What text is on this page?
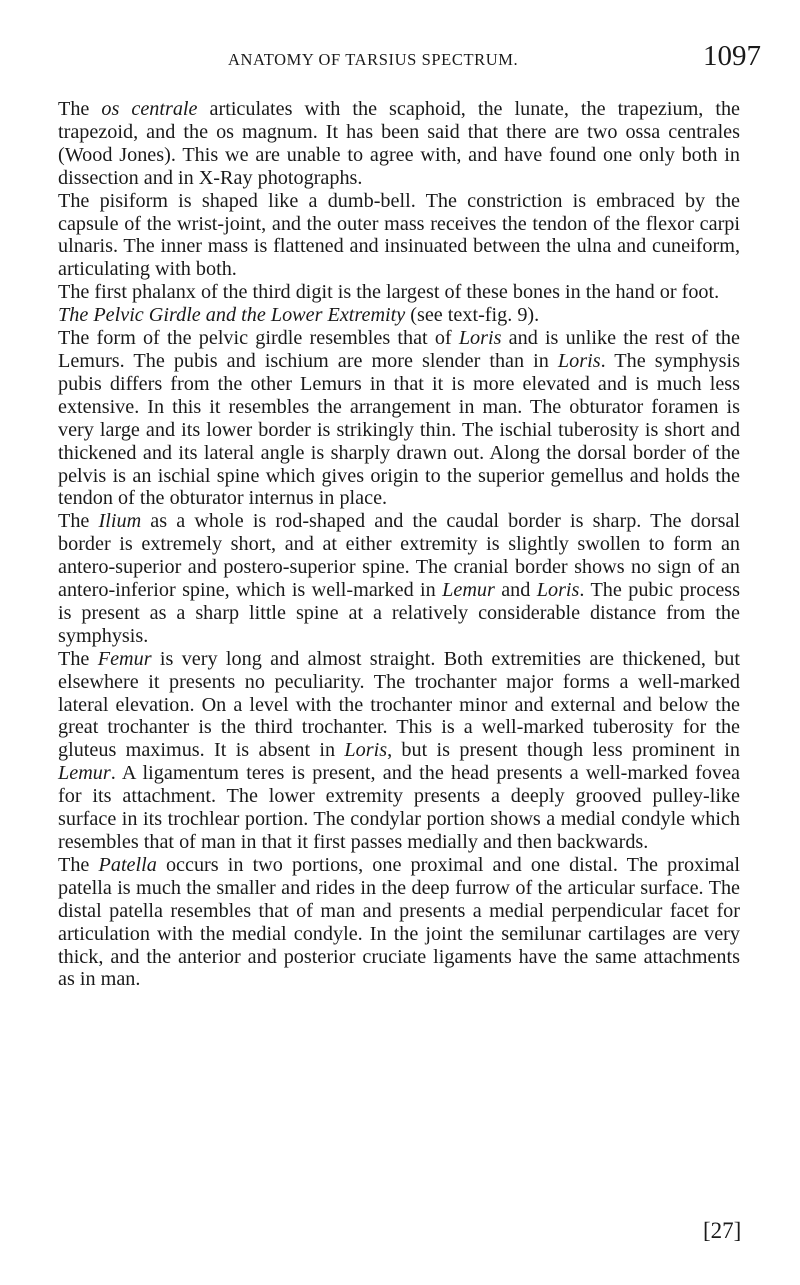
ANATOMY OF TARSIUS SPECTRUM.	1097

The os centrale articulates with the scaphoid, the lunate, the trapezium, the trapezoid, and the os magnum. It has been said that there are two ossa centrales (Wood Jones). This we are unable to agree with, and have found one only both in dissection and in X-Ray photographs.

The pisiform is shaped like a dumb-bell. The constriction is embraced by the capsule of the wrist-joint, and the outer mass receives the tendon of the flexor carpi ulnaris. The inner mass is flattened and insinuated between the ulna and cuneiform, articulating with both.

The first phalanx of the third digit is the largest of these bones in the hand or foot.

The Pelvic Girdle and the Lower Extremity (see text-fig. 9).

The form of the pelvic girdle resembles that of Loris and is unlike the rest of the Lemurs. The pubis and ischium are more slender than in Loris. The symphysis pubis differs from the other Lemurs in that it is more elevated and is much less extensive. In this it resembles the arrangement in man. The obturator foramen is very large and its lower border is strikingly thin. The ischial tuberosity is short and thickened and its lateral angle is sharply drawn out. Along the dorsal border of the pelvis is an ischial spine which gives origin to the superior gemellus and holds the tendon of the obturator internus in place.

The Ilium as a whole is rod-shaped and the caudal border is sharp. The dorsal border is extremely short, and at either extremity is slightly swollen to form an antero-superior and postero-superior spine. The cranial border shows no sign of an antero-inferior spine, which is well-marked in Lemur and Loris. The pubic process is present as a sharp little spine at a relatively considerable distance from the symphysis.

The Femur is very long and almost straight. Both extremities are thickened, but elsewhere it presents no peculiarity. The trochanter major forms a well-marked lateral elevation. On a level with the trochanter minor and external and below the great trochanter is the third trochanter. This is a well-marked tuberosity for the gluteus maximus. It is absent in Loris, but is present though less prominent in Lemur. A ligamentum teres is present, and the head presents a well-marked fovea for its attachment. The lower extremity presents a deeply grooved pulley-like surface in its trochlear portion. The condylar portion shows a medial condyle which resembles that of man in that it first passes medially and then backwards.

The Patella occurs in two portions, one proximal and one distal. The proximal patella is much the smaller and rides in the deep furrow of the articular surface. The distal patella resembles that of man and presents a medial perpendicular facet for articulation with the medial condyle. In the joint the semilunar cartilages are very thick, and the anterior and posterior cruciate ligaments have the same attachments as in man.

[27]
